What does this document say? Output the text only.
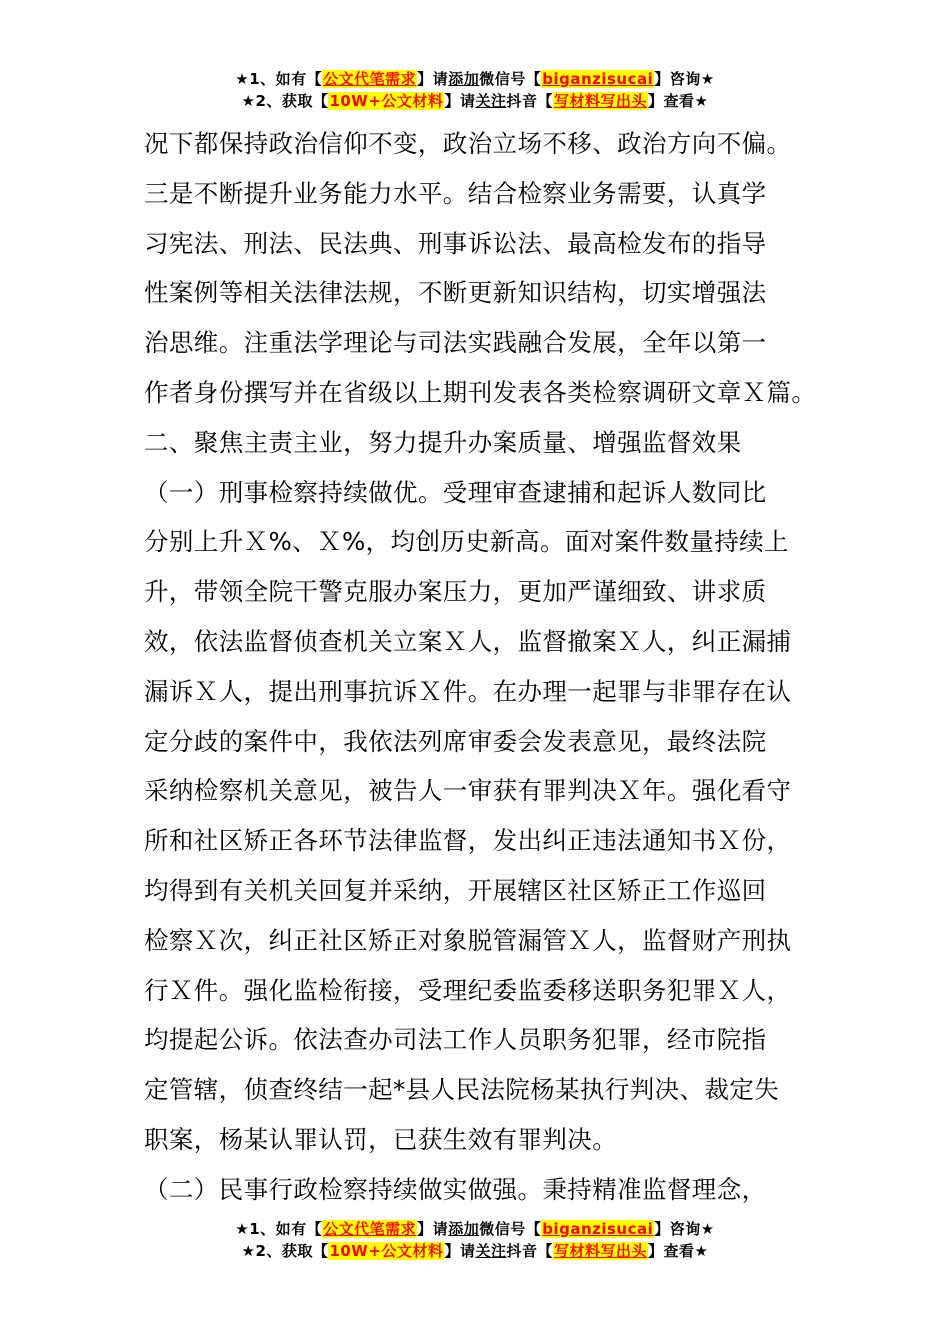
★1、如有【公文代笔需求】请添加微信号【biganzisucai】咨询★
★2、获取【10W+公文材料】请关注抖音【写材料写出头】查看★
况下都保持政治信仰不变，政治立场不移、政治方向不偏。
三是不断提升业务能力水平。结合检察业务需要，认真学
习宪法、刑法、民法典、刑事诉讼法、最高检发布的指导
性案例等相关法律法规，不断更新知识结构，切实增强法
治思维。注重法学理论与司法实践融合发展，全年以第一
作者身份撰写并在省级以上期刊发表各类检察调研文章Ｘ篇。
二、聚焦主责主业，努力提升办案质量、增强监督效果
（一）刑事检察持续做优。受理审查逮捕和起诉人数同比
分别上升Ｘ%、Ｘ%，均创历史新高。面对案件数量持续上
升，带领全院干警克服办案压力，更加严谨细致、讲求质
效，依法监督侦查机关立案Ｘ人，监督撤案Ｘ人，纠正漏捕
漏诉Ｘ人，提出刑事抗诉Ｘ件。在办理一起罪与非罪存在认
定分歧的案件中，我依法列席审委会发表意见，最终法院
采纳检察机关意见，被告人一审获有罪判决Ｘ年。强化看守
所和社区矫正各环节法律监督，发出纠正违法通知书Ｘ份，
均得到有关机关回复并采纳，开展辖区社区矫正工作巡回
检察Ｘ次，纠正社区矫正对象脱管漏管Ｘ人，监督财产刑执
行Ｘ件。强化监检衔接，受理纪委监委移送职务犯罪Ｘ人，
均提起公诉。依法查办司法工作人员职务犯罪，经市院指
定管辖，侦查终结一起*县人民法院杨某执行判决、裁定失
职案，杨某认罪认罚，已获生效有罪判决。
（二）民事行政检察持续做实做强。秉持精准监督理念，
★1、如有【公文代笔需求】请添加微信号【biganzisucai】咨询★
★2、获取【10W+公文材料】请关注抖音【写材料写出头】查看★
